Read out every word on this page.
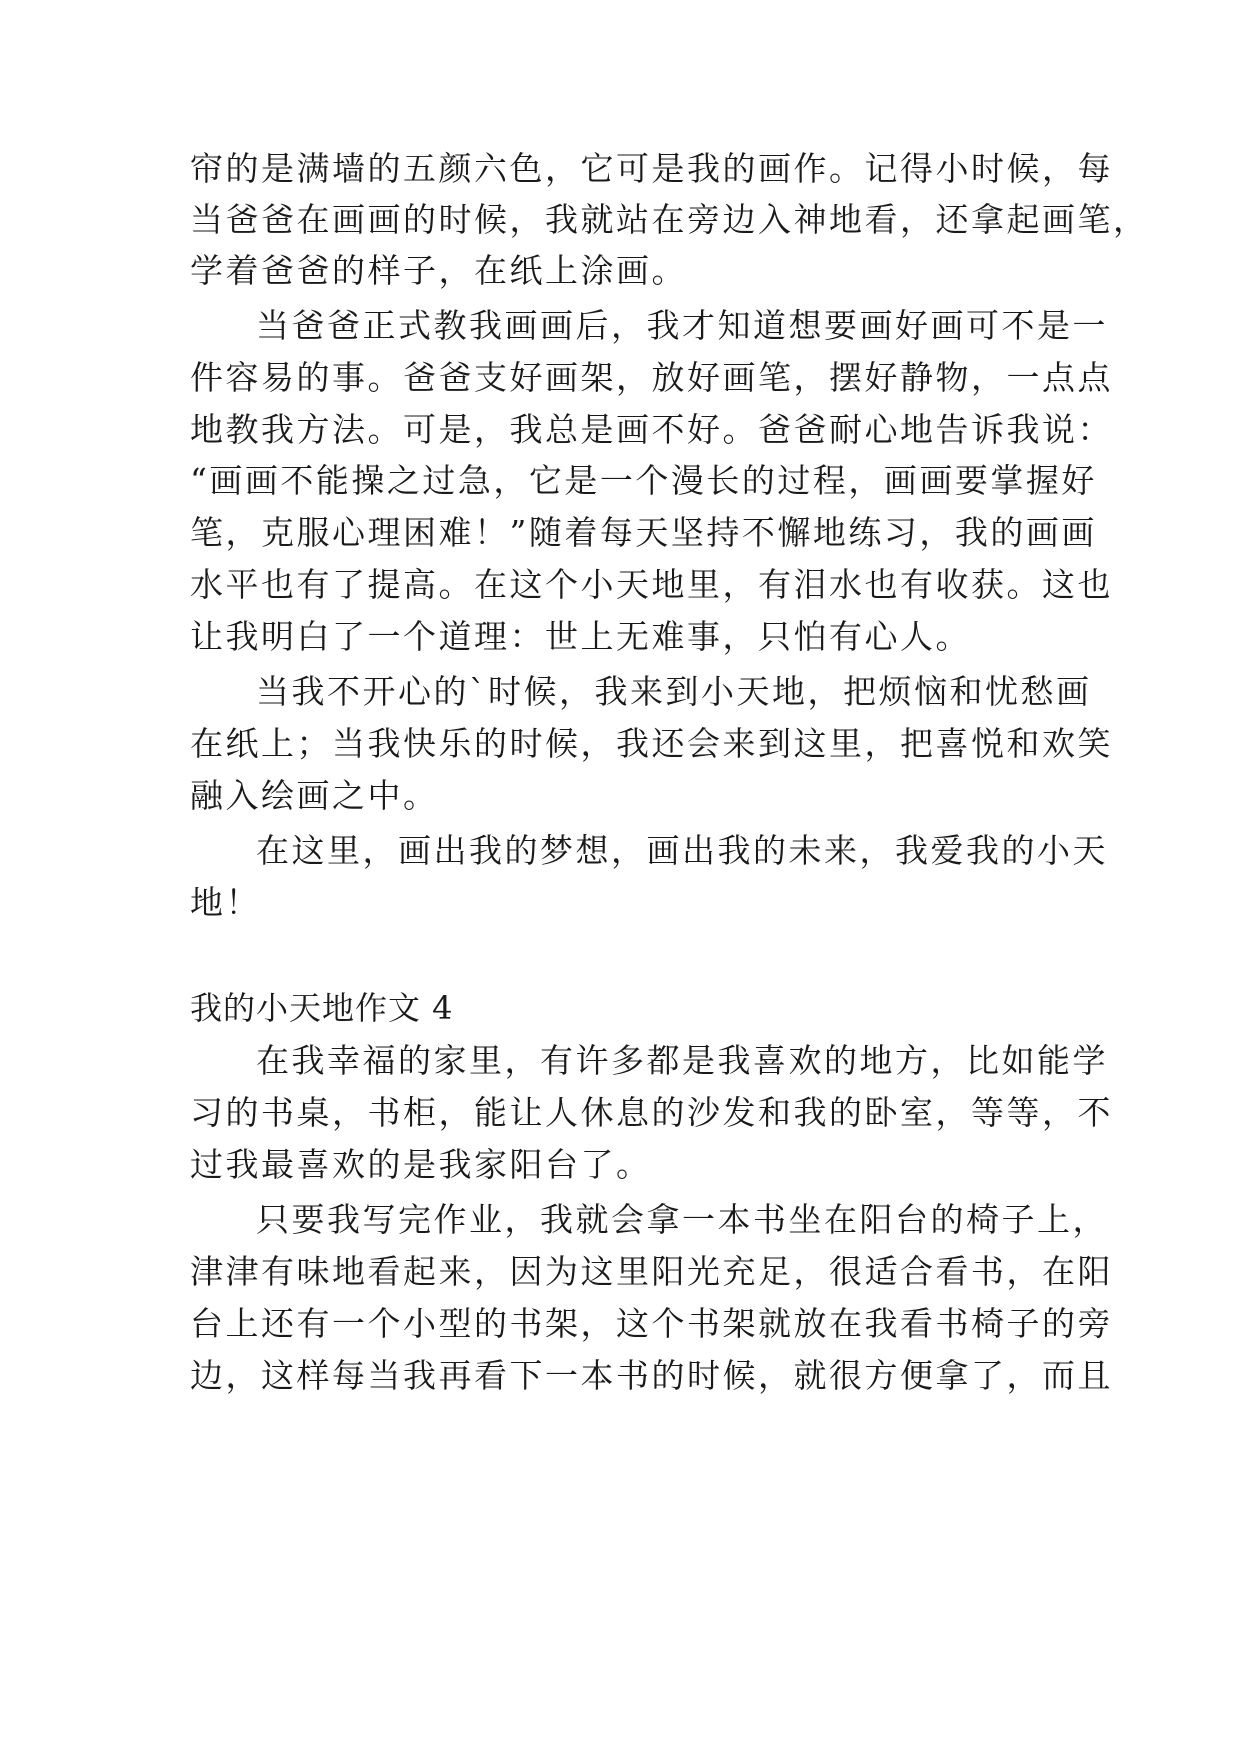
帘的是满墙的五颜六色，它可是我的画作。记得小时候，每
当爸爸在画画的时候，我就站在旁边入神地看，还拿起画笔，
学着爸爸的样子，在纸上涂画。
当爸爸正式教我画画后，我才知道想要画好画可不是一
件容易的事。爸爸支好画架，放好画笔，摆好静物，一点点
地教我方法。可是，我总是画不好。爸爸耐心地告诉我说：
“画画不能操之过急，它是一个漫长的过程，画画要掌握好
笔，克服心理困难！”随着每天坚持不懈地练习，我的画画
水平也有了提高。在这个小天地里，有泪水也有收获。这也
让我明白了一个道理：世上无难事，只怕有心人。
当我不开心的`时候，我来到小天地，把烦恼和忧愁画
在纸上；当我快乐的时候，我还会来到这里，把喜悦和欢笑
融入绘画之中。
在这里，画出我的梦想，画出我的未来，我爱我的小天
地！
我的小天地作文 4
在我幸福的家里，有许多都是我喜欢的地方，比如能学
习的书桌，书柜，能让人休息的沙发和我的卧室，等等，不
过我最喜欢的是我家阳台了。
只要我写完作业，我就会拿一本书坐在阳台的椅子上，
津津有味地看起来，因为这里阳光充足，很适合看书，在阳
台上还有一个小型的书架，这个书架就放在我看书椅子的旁
边，这样每当我再看下一本书的时候，就很方便拿了，而且
